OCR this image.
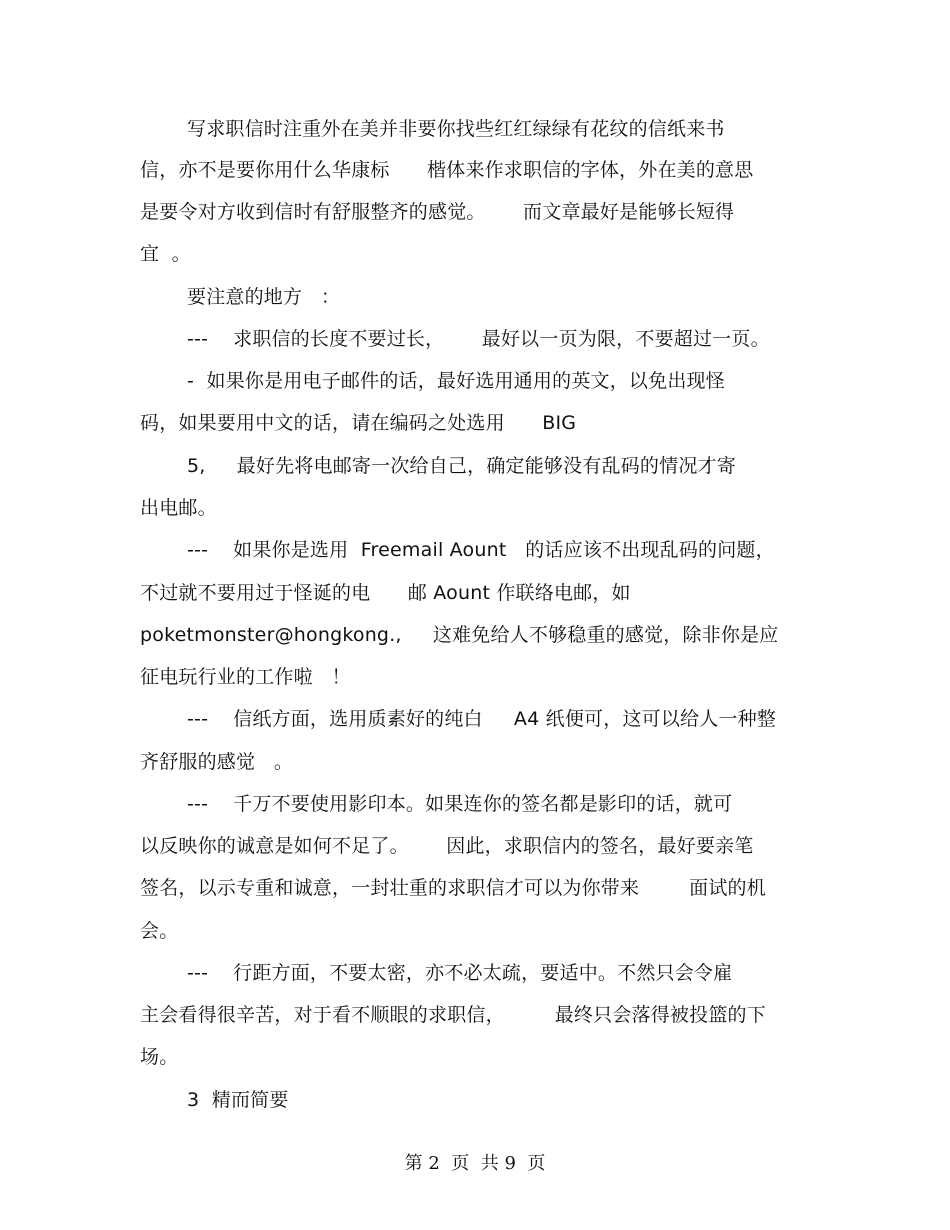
写求职信时注重外在美并非要你找些红红绿绿有花纹的信纸来书
信，亦不是要你用什么华康标      楷体来作求职信的字体，外在美的意思
是要令对方收到信时有舒服整齐的感觉。      而文章最好是能够长短得
宜  。
要注意的地方   ：
---    求职信的长度不要过长，      最好以一页为限，不要超过一页。
-  如果你是用电子邮件的话，最好选用通用的英文，以免出现怪
码，如果要用中文的话，请在编码之处选用      BIG
5,     最好先将电邮寄一次给自己，确定能够没有乱码的情况才寄
出电邮。
---    如果你是选用  Freemail Aount   的话应该不出现乱码的问题，
不过就不要用过于怪诞的电      邮 Aount 作联络电邮，如
poketmonster@hongkong.,     这难免给人不够稳重的感觉，除非你是应
征电玩行业的工作啦   ！
---    信纸方面，选用质素好的纯白     A4 纸便可，这可以给人一种整
齐舒服的感觉   。
---    千万不要使用影印本。如果连你的签名都是影印的话，就可
以反映你的诚意是如何不足了。      因此，求职信内的签名，最好要亲笔
签名，以示专重和诚意，一封壮重的求职信才可以为你带来        面试的机
会。
---    行距方面，不要太密，亦不必太疏，要适中。不然只会令雇
主会看得很辛苦，对于看不顺眼的求职信，        最终只会落得被投篮的下
场。
3  精而简要
第 2  页  共 9  页
